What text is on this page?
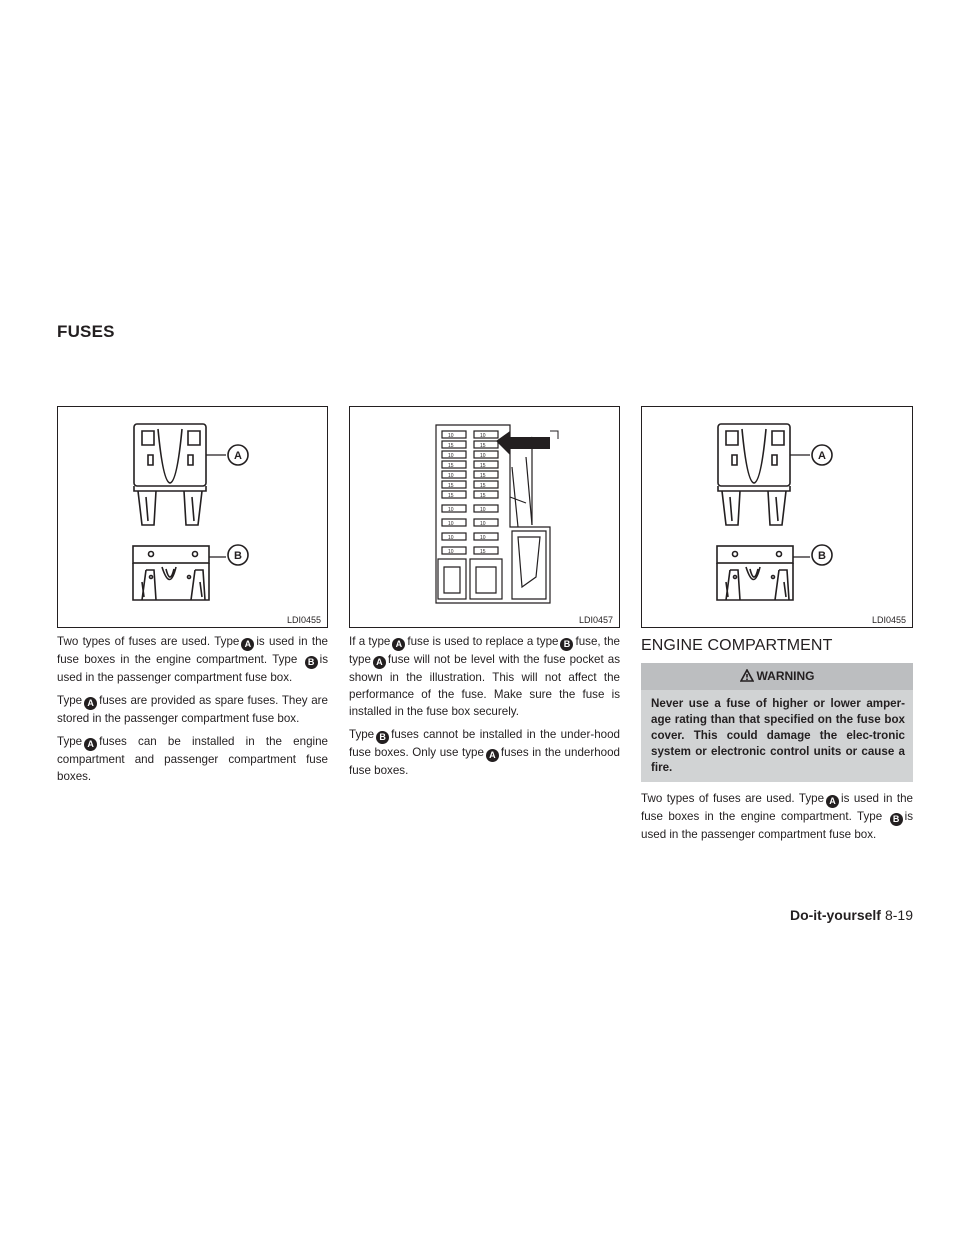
FUSES
A
B
LDI0455
10	10
15	15
10	10
15	15
10	15
15	15
15	15
10	10
10	10
10	10
10	15
LDI0457
A
B
LDI0455

Two types of fuses are used. Type A is used in the fuse boxes in the engine compartment. Type B is used in the passenger compartment fuse box.

Type A fuses are provided as spare fuses. They are stored in the passenger compartment fuse box.

Type A fuses can be installed in the engine compartment and passenger compartment fuse boxes.

If a type A fuse is used to replace a type B fuse, the type A fuse will not be level with the fuse pocket as shown in the illustration. This will not affect the performance of the fuse. Make sure the fuse is installed in the fuse box securely.

Type B fuses cannot be installed in the under-hood fuse boxes. Only use type A fuses in the underhood fuse boxes.

ENGINE COMPARTMENT
WARNING
Never use a fuse of higher or lower amper-age rating than that specified on the fuse box cover. This could damage the elec-tronic system or electronic control units or cause a fire.

Two types of fuses are used. Type A is used in the fuse boxes in the engine compartment. Type B is used in the passenger compartment fuse box.

Do-it-yourself 8-19
